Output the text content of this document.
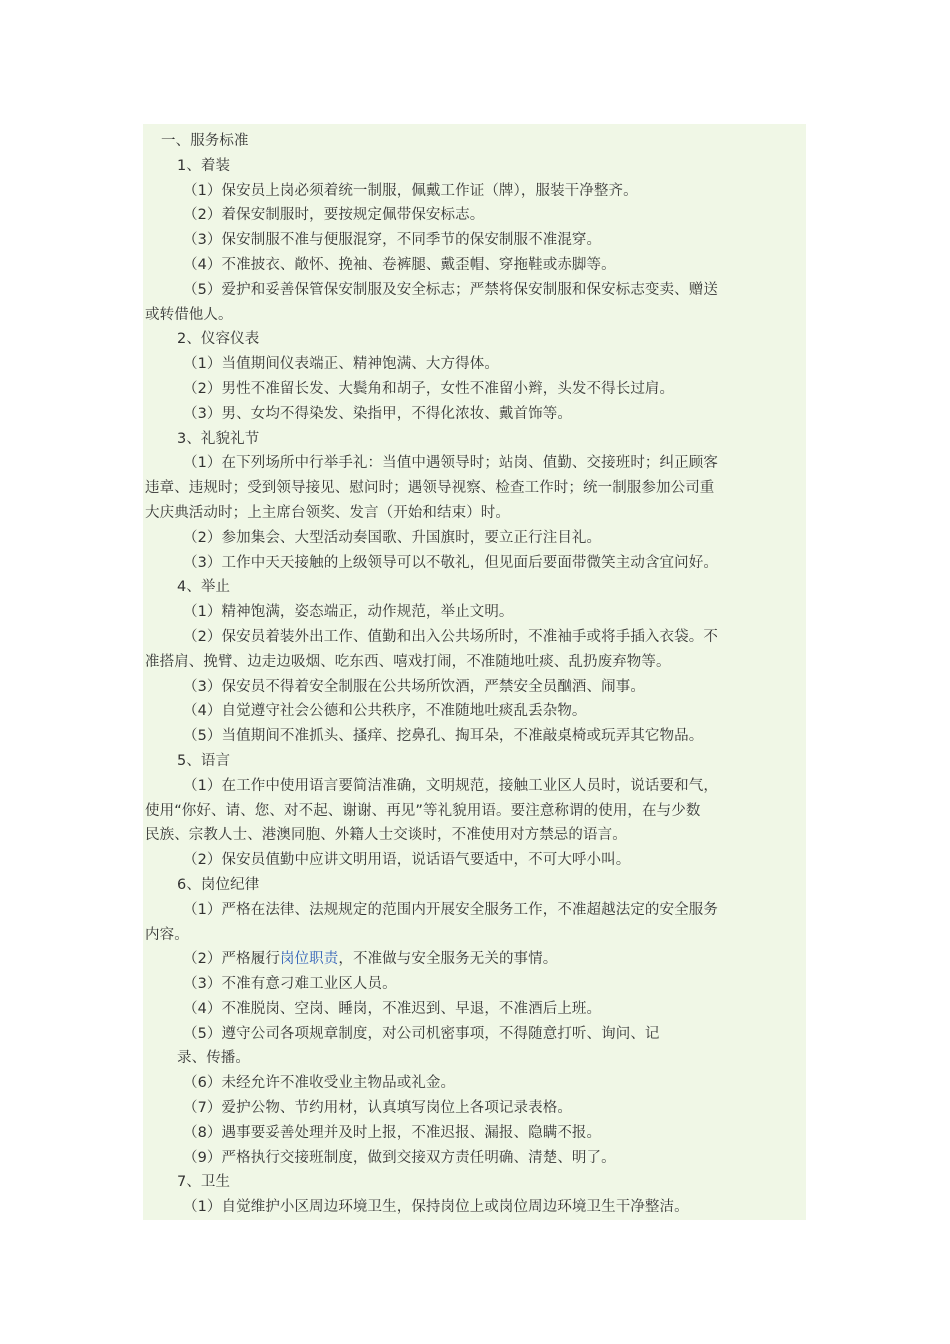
一、服务标准
1、着装
（1）保安员上岗必须着统一制服，佩戴工作证（牌），服装干净整齐。
（2）着保安制服时，要按规定佩带保安标志。
（3）保安制服不准与便服混穿，不同季节的保安制服不准混穿。
（4）不准披衣、敞怀、挽袖、卷裤腿、戴歪帽、穿拖鞋或赤脚等。
（5）爱护和妥善保管保安制服及安全标志；严禁将保安制服和保安标志变卖、赠送
或转借他人。
2、仪容仪表
（1）当值期间仪表端正、精神饱满、大方得体。
（2）男性不准留长发、大鬓角和胡子，女性不准留小辫，头发不得长过肩。
（3）男、女均不得染发、染指甲，不得化浓妆、戴首饰等。
3、礼貌礼节
（1）在下列场所中行举手礼：当值中遇领导时；站岗、值勤、交接班时；纠正顾客
违章、违规时；受到领导接见、慰问时；遇领导视察、检查工作时；统一制服参加公司重
大庆典活动时；上主席台领奖、发言（开始和结束）时。
（2）参加集会、大型活动奏国歌、升国旗时，要立正行注目礼。
（3）工作中天天接触的上级领导可以不敬礼，但见面后要面带微笑主动含宜问好。
4、举止
（1）精神饱满，姿态端正，动作规范，举止文明。
（2）保安员着装外出工作、值勤和出入公共场所时，不准袖手或将手插入衣袋。不
准搭肩、挽臂、边走边吸烟、吃东西、嘻戏打闹，不准随地吐痰、乱扔废弃物等。
（3）保安员不得着安全制服在公共场所饮酒，严禁安全员酗酒、闹事。
（4）自觉遵守社会公德和公共秩序，不准随地吐痰乱丢杂物。
（5）当值期间不准抓头、搔痒、挖鼻孔、掏耳朵，不准敲桌椅或玩弄其它物品。
5、语言
（1）在工作中使用语言要简洁准确，文明规范，接触工业区人员时，说话要和气，
使用“你好、请、您、对不起、谢谢、再见”等礼貌用语。要注意称谓的使用，在与少数
民族、宗教人士、港澳同胞、外籍人士交谈时，不准使用对方禁忌的语言。
（2）保安员值勤中应讲文明用语，说话语气要适中，不可大呼小叫。
6、岗位纪律
（1）严格在法律、法规规定的范围内开展安全服务工作，不准超越法定的安全服务
内容。
（2）严格履行岗位职责，不准做与安全服务无关的事情。
（3）不准有意刁难工业区人员。
（4）不准脱岗、空岗、睡岗，不准迟到、早退，不准酒后上班。
（5）遵守公司各项规章制度，对公司机密事项，不得随意打听、询问、记
录、传播。
（6）未经允许不准收受业主物品或礼金。
（7）爱护公物、节约用材，认真填写岗位上各项记录表格。
（8）遇事要妥善处理并及时上报，不准迟报、漏报、隐瞒不报。
（9）严格执行交接班制度，做到交接双方责任明确、清楚、明了。
7、卫生
（1）自觉维护小区周边环境卫生，保持岗位上或岗位周边环境卫生干净整洁。
